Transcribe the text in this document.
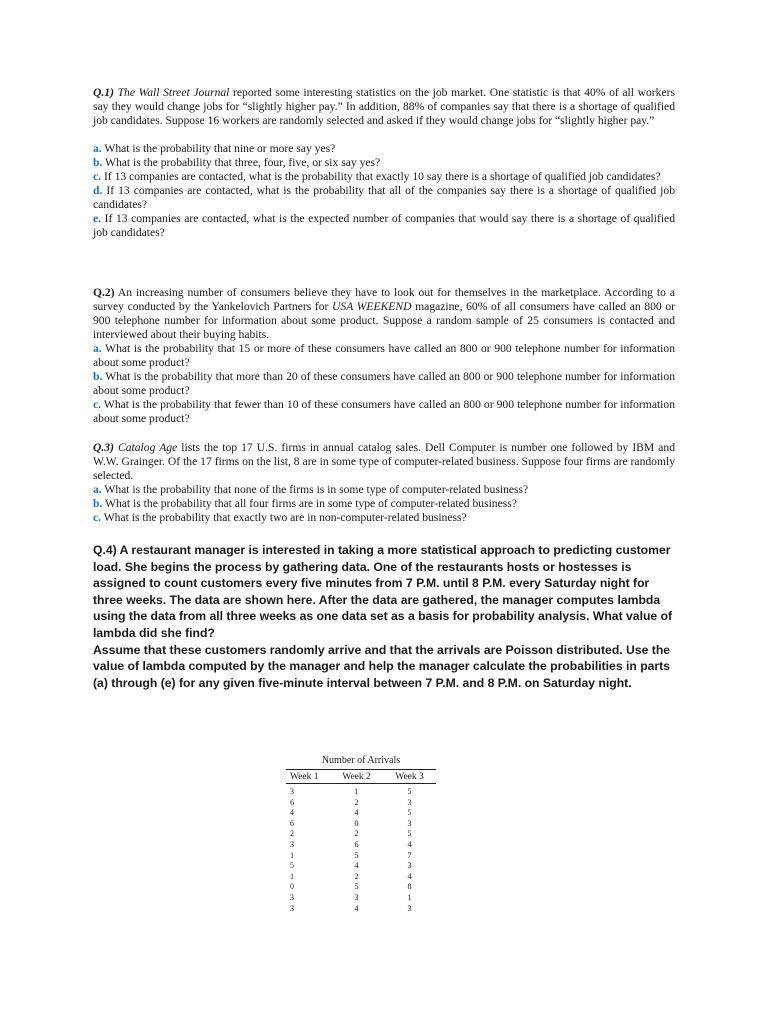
Q.1) The Wall Street Journal reported some interesting statistics on the job market. One statistic is that 40% of all workers say they would change jobs for “slightly higher pay.” In addition, 88% of companies say that there is a shortage of qualified job candidates. Suppose 16 workers are randomly selected and asked if they would change jobs for “slightly higher pay.”

a. What is the probability that nine or more say yes?

b. What is the probability that three, four, five, or six say yes?

c. If 13 companies are contacted, what is the probability that exactly 10 say there is a shortage of qualified job candidates?

d. If 13 companies are contacted, what is the probability that all of the companies say there is a shortage of qualified job candidates?

e. If 13 companies are contacted, what is the expected number of companies that would say there is a shortage of qualified job candidates?

Q.2) An increasing number of consumers believe they have to look out for themselves in the marketplace. According to a survey conducted by the Yankelovich Partners for USA WEEKEND magazine, 60% of all consumers have called an 800 or 900 telephone number for information about some product. Suppose a random sample of 25 consumers is contacted and interviewed about their buying habits.

a. What is the probability that 15 or more of these consumers have called an 800 or 900 telephone number for information about some product?

b. What is the probability that more than 20 of these consumers have called an 800 or 900 telephone number for information about some product?

c. What is the probability that fewer than 10 of these consumers have called an 800 or 900 telephone number for information about some product?

Q.3) Catalog Age lists the top 17 U.S. firms in annual catalog sales. Dell Computer is number one followed by IBM and W.W. Grainger. Of the 17 firms on the list, 8 are in some type of computer-related business. Suppose four firms are randomly selected.

a. What is the probability that none of the firms is in some type of computer-related business?

b. What is the probability that all four firms are in some type of computer-related business?

c. What is the probability that exactly two are in non-computer-related business?

Q.4) A restaurant manager is interested in taking a more statistical approach to predicting customer load. She begins the process by gathering data. One of the restaurants hosts or hostesses is assigned to count customers every five minutes from 7 P.M. until 8 P.M. every Saturday night for three weeks. The data are shown here. After the data are gathered, the manager computes lambda using the data from all three weeks as one data set as a basis for probability analysis. What value of lambda did she find?

Assume that these customers randomly arrive and that the arrivals are Poisson distributed. Use the value of lambda computed by the manager and help the manager calculate the probabilities in parts (a) through (e) for any given five-minute interval between 7 P.M. and 8 P.M. on Saturday night.

Number of Arrivals
Week 1	Week 2	Week 3
3	1	5
6	2	3
4	4	5
6	0	3
2	2	5
3	6	4
1	5	7
5	4	3
1	2	4
0	5	8
3	3	1
3	4	3
